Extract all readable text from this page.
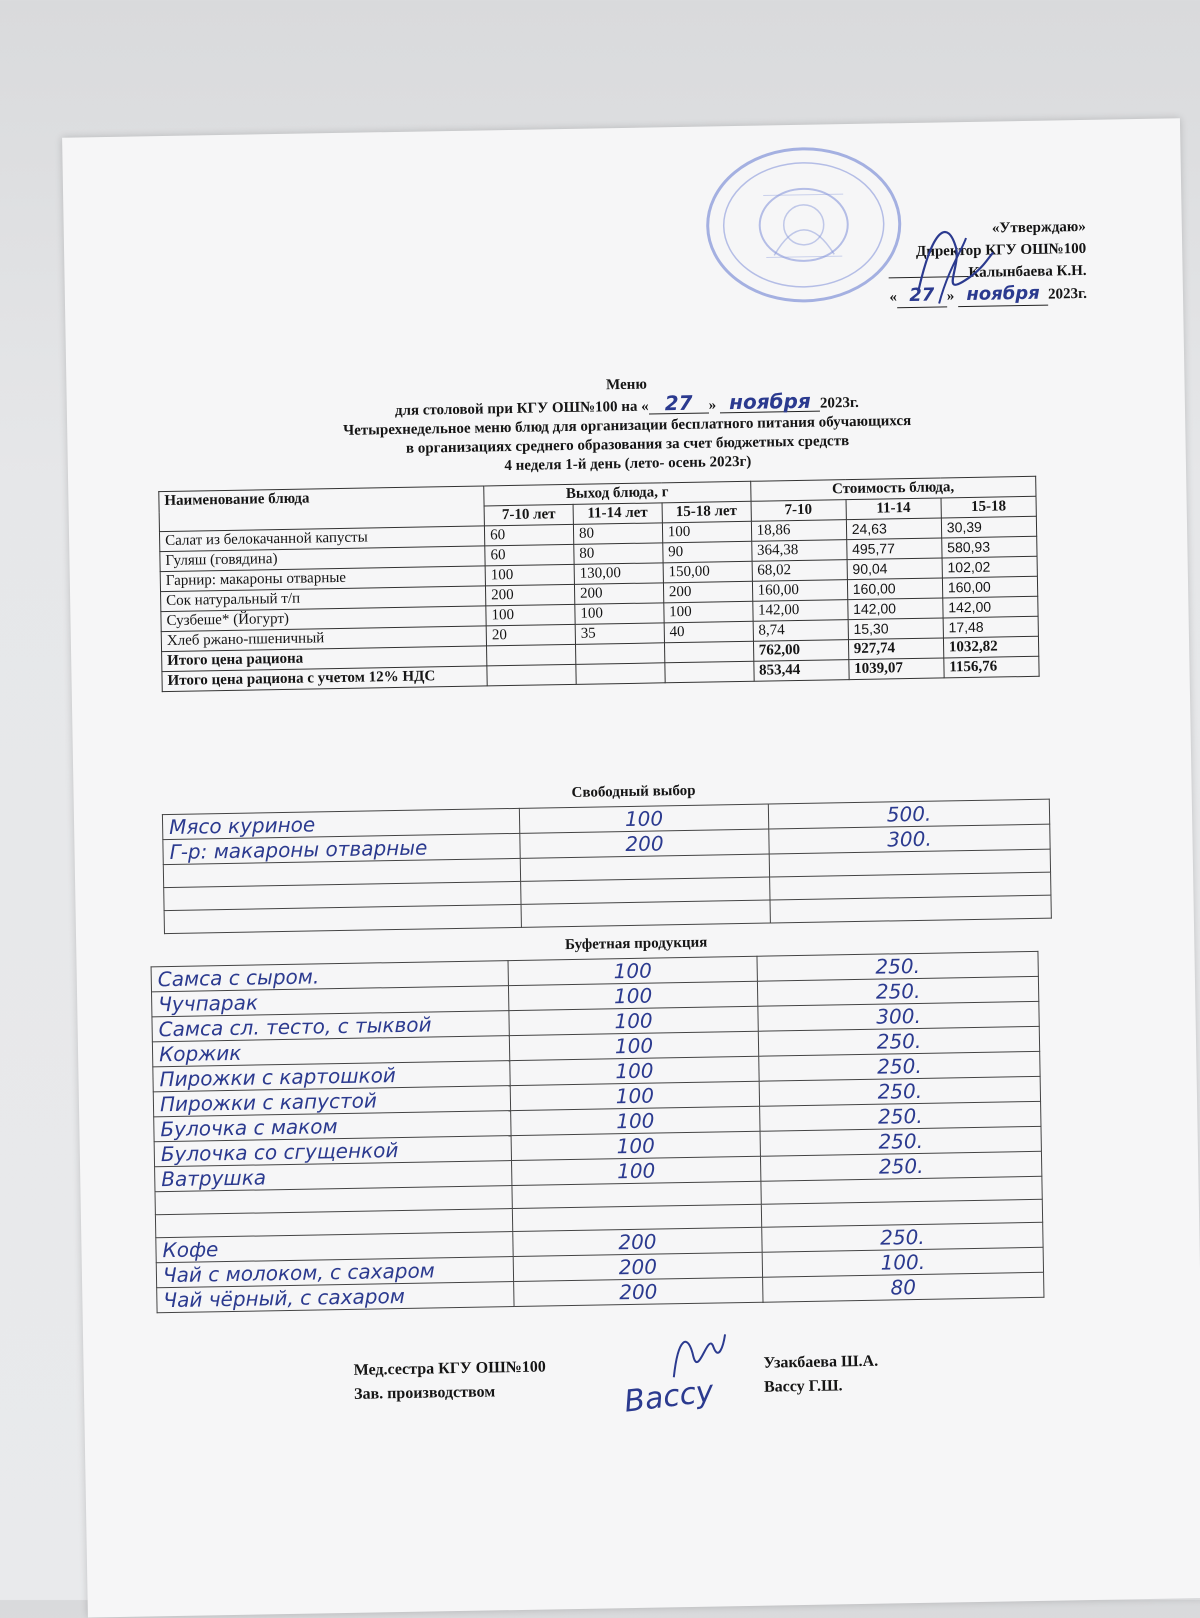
«Утверждаю»
Директор КГУ ОШ№100
Калынбаева К.Н.
« 27 » ноября 2023г.
Меню
для столовой при КГУ ОШ№100 на « 27 » ноября 2023г.
Четырехнедельное меню блюд для организации бесплатного питания обучающихся
в организациях среднего образования за счет бюджетных средств
4 неделя 1-й день (лето- осень 2023г)
Наименование блюда	Выход блюда, г			Стоимость блюда,		
	7-10 лет	11-14 лет	15-18 лет	7-10	11-14	15-18
Салат из белокачанной капусты	60	80	100	18,86	24,63	30,39
Гуляш (говядина)	60	80	90	364,38	495,77	580,93
Гарнир: макароны отварные	100	130,00	150,00	68,02	90,04	102,02
Сок натуральный т/п	200	200	200	160,00	160,00	160,00
Сузбеше* (Йогурт)	100	100	100	142,00	142,00	142,00
Хлеб ржано-пшеничный	20	35	40	8,74	15,30	17,48
Итого цена рациона				762,00	927,74	1032,82
Итого цена рациона с учетом 12% НДС				853,44	1039,07	1156,76
Свободный выбор
Мясо куриное	100	500.
Г-р: макароны отварные	200	300.

Буфетная продукция
Самса с сыром.	100	250.
Чучпарак	100	250.
Самса сл. тесто, с тыквой	100	300.
Коржик	100	250.
Пирожки с картошкой	100	250.
Пирожки с капустой	100	250.
Булочка с маком	100	250.
Булочка со сгущенкой	100	250.
Ватрушка	100	250.

Кофе	200	250.
Чай с молоком, с сахаром	200	100.
Чай чёрный, с сахаром	200	80
Мед.сестра КГУ ОШ№100
Зав. производством
Узакбаева Ш.А.
Вассу Г.Ш.
Вассу
